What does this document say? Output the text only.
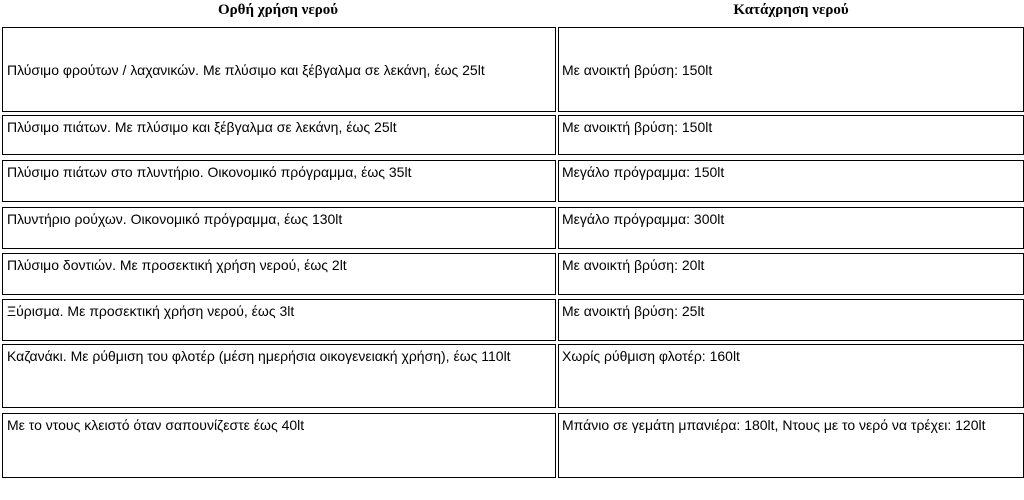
Ορθή χρήση νερού	Κατάχρηση νερού
Πλύσιμο φρούτων / λαχανικών. Με πλύσιμο και ξέβγαλμα σε λεκάνη, έως 25lt	Με ανοικτή βρύση: 150lt
Πλύσιμο πιάτων. Με πλύσιμο και ξέβγαλμα σε λεκάνη, έως 25lt	Με ανοικτή βρύση: 150lt
Πλύσιμο πιάτων στο πλυντήριο. Οικονομικό πρόγραμμα, έως 35lt	Μεγάλο πρόγραμμα: 150lt
Πλυντήριο ρούχων. Οικονομικό πρόγραμμα, έως 130lt	Μεγάλο πρόγραμμα: 300lt
Πλύσιμο δοντιών. Με προσεκτική χρήση νερού, έως 2lt	Με ανοικτή βρύση: 20lt
Ξύρισμα. Με προσεκτική χρήση νερού, έως 3lt	Με ανοικτή βρύση: 25lt
Καζανάκι. Με ρύθμιση του φλοτέρ (μέση ημερήσια οικογενειακή χρήση), έως 110lt	Χωρίς ρύθμιση φλοτέρ: 160lt
Με το ντους κλειστό όταν σαπουνίζεστε έως 40lt	Μπάνιο σε γεμάτη μπανιέρα: 180lt, Ντους με το νερό να τρέχει: 120lt
